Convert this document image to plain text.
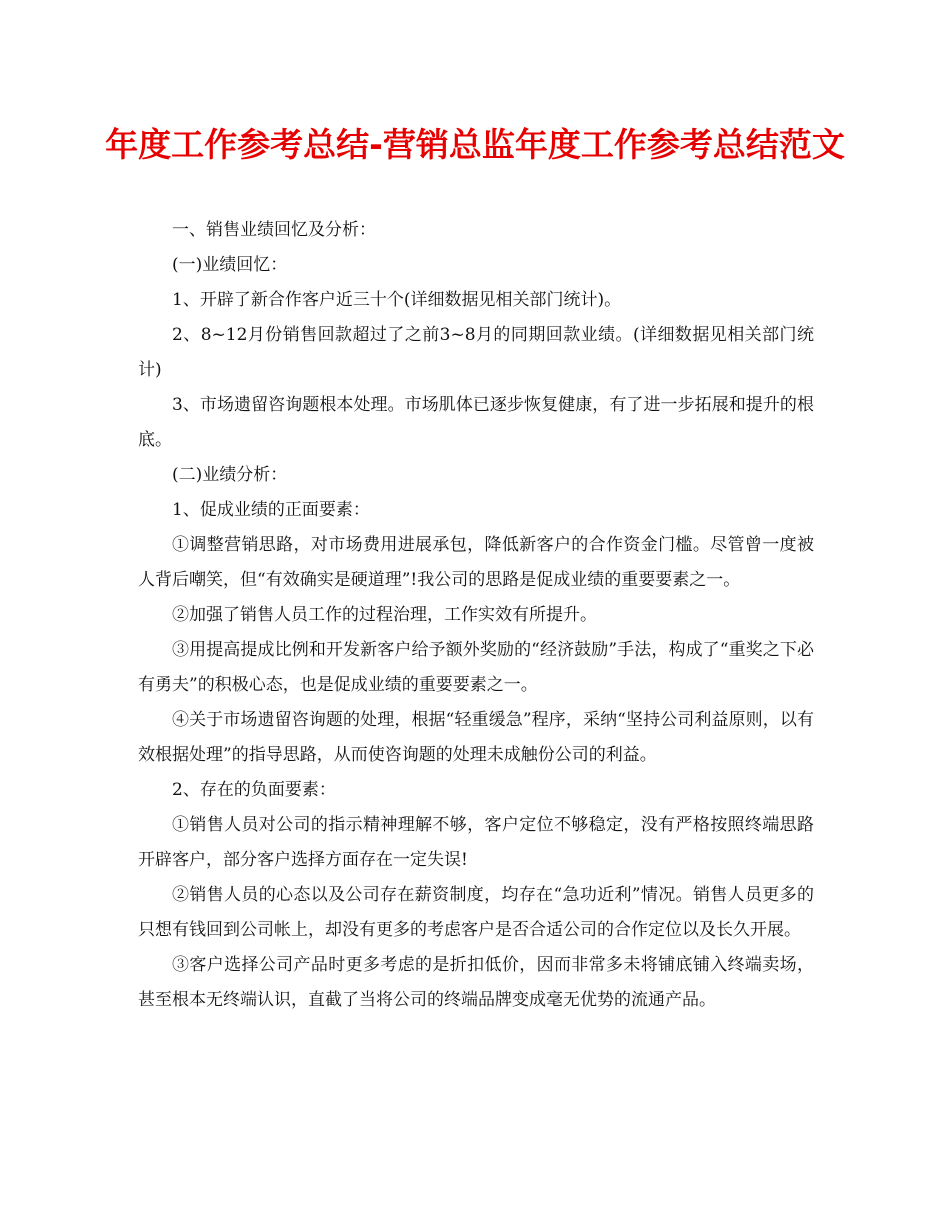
年度工作参考总结-营销总监年度工作参考总结范文

一、销售业绩回忆及分析：

(一)业绩回忆：

1、开辟了新合作客户近三十个(详细数据见相关部门统计)。

2、8~12月份销售回款超过了之前3~8月的同期回款业绩。(详细数据见相关部门统计)

3、市场遗留咨询题根本处理。市场肌体已逐步恢复健康，有了进一步拓展和提升的根底。

(二)业绩分析：

1、促成业绩的正面要素：

①调整营销思路，对市场费用进展承包，降低新客户的合作资金门槛。尽管曾一度被人背后嘲笑，但“有效确实是硬道理”!我公司的思路是促成业绩的重要要素之一。

②加强了销售人员工作的过程治理，工作实效有所提升。

③用提高提成比例和开发新客户给予额外奖励的“经济鼓励”手法，构成了“重奖之下必有勇夫”的积极心态，也是促成业绩的重要要素之一。

④关于市场遗留咨询题的处理，根据“轻重缓急”程序，采纳“坚持公司利益原则，以有效根据处理”的指导思路，从而使咨询题的处理未成触份公司的利益。

2、存在的负面要素：

①销售人员对公司的指示精神理解不够，客户定位不够稳定，没有严格按照终端思路开辟客户，部分客户选择方面存在一定失误!

②销售人员的心态以及公司存在薪资制度，均存在“急功近利”情况。销售人员更多的只想有钱回到公司帐上，却没有更多的考虑客户是否合适公司的合作定位以及长久开展。

③客户选择公司产品时更多考虑的是折扣低价，因而非常多未将铺底铺入终端卖场，甚至根本无终端认识，直截了当将公司的终端品牌变成毫无优势的流通产品。
